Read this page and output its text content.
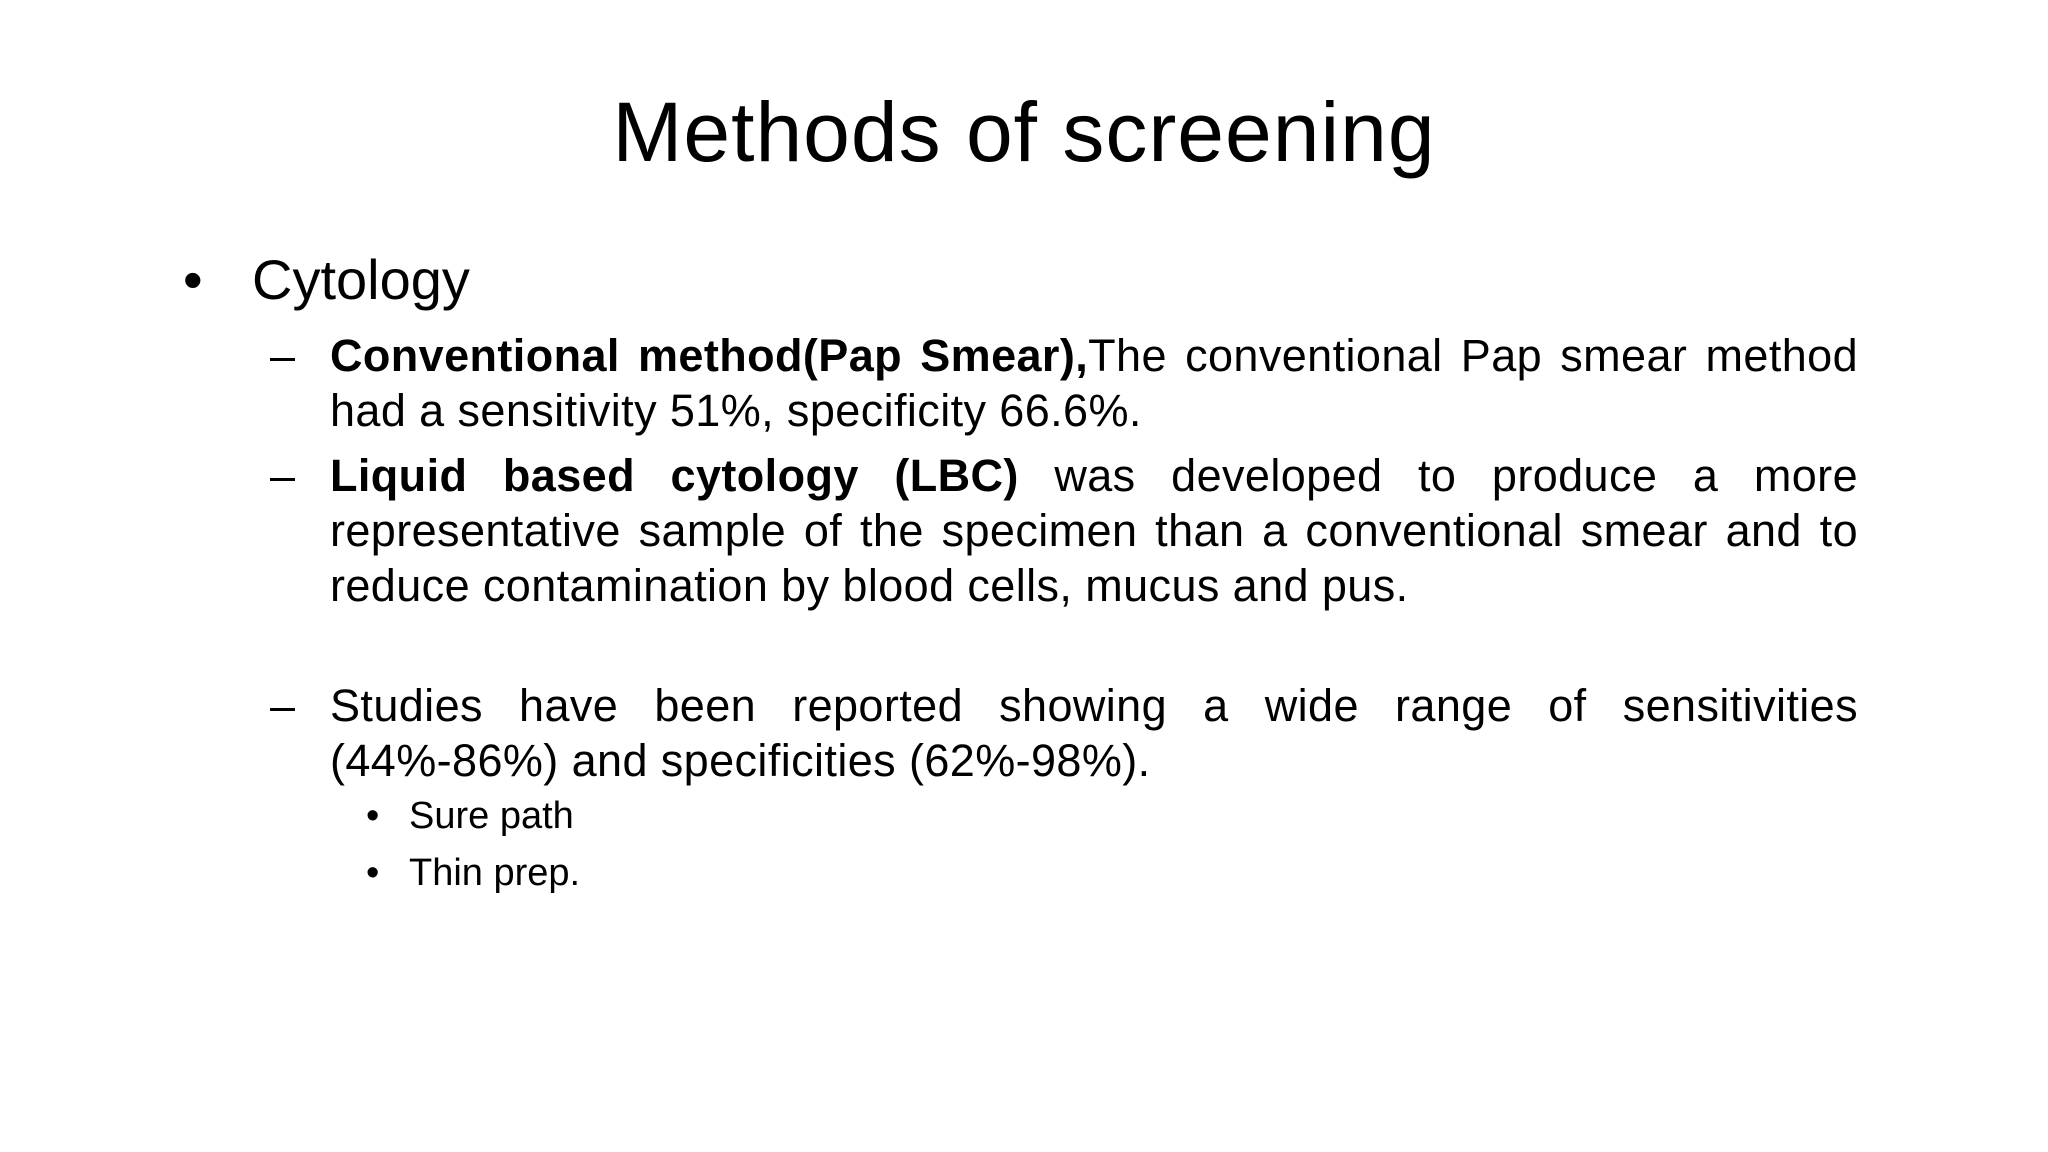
Methods of screening
• Cytology
– Conventional method(Pap Smear),The conventional Pap smear method had a sensitivity 51%, specificity 66.6%.
– Liquid based cytology (LBC) was developed to produce a more representative sample of the specimen than a conventional smear and to reduce contamination by blood cells, mucus and pus.
– Studies have been reported showing a wide range of sensitivities (44%-86%) and specificities (62%-98%).
• Sure path
• Thin prep.
